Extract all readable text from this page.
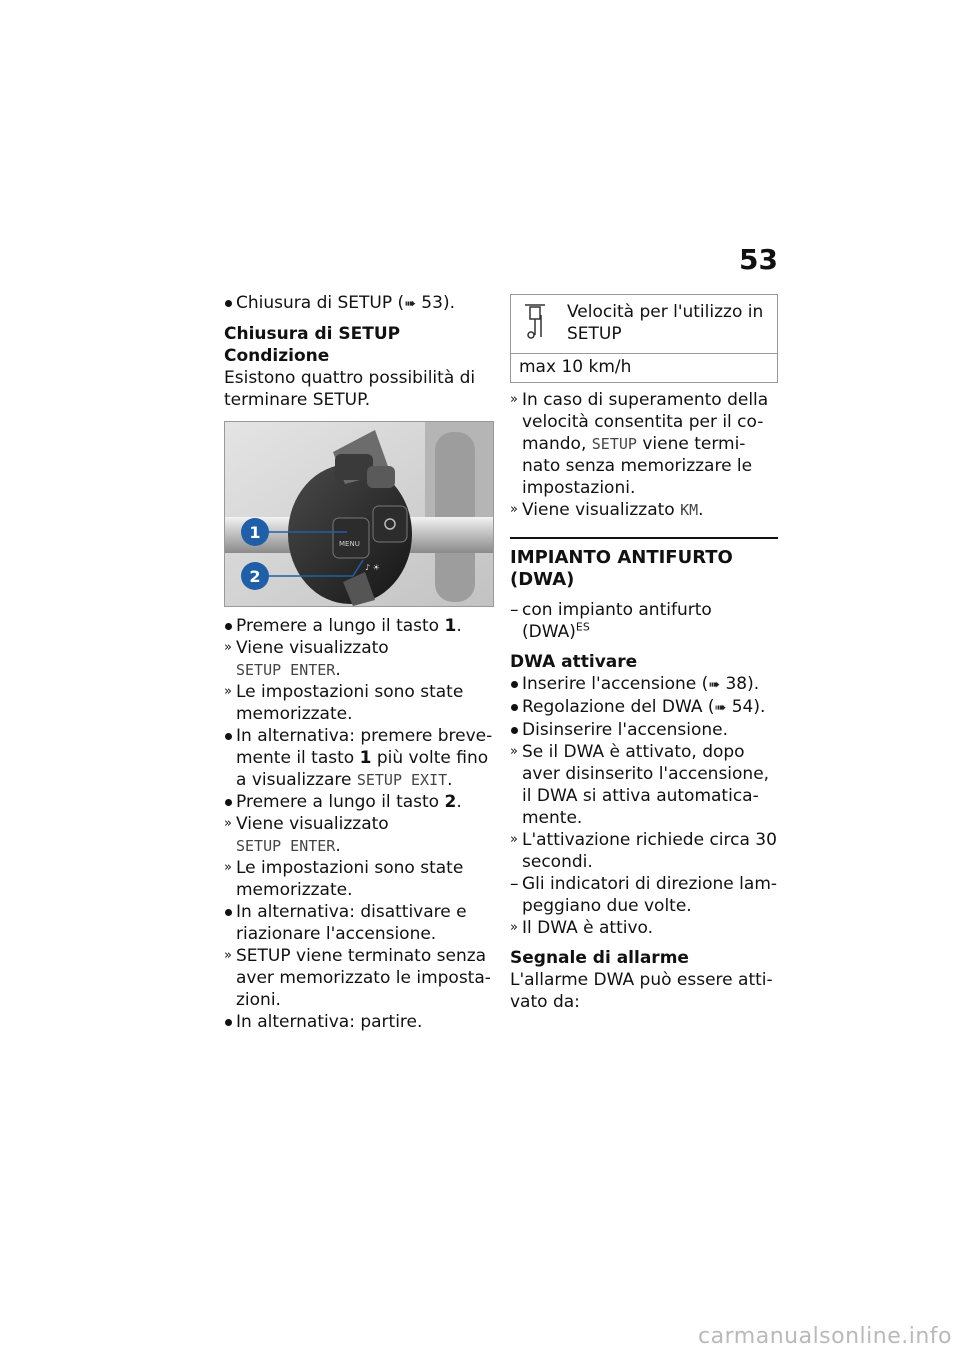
53

Chiusura di SETUP (➠ 53).

Chiusura di SETUP

Condizione

Esistono quattro possibilità di

terminare SETUP.

MENU
♪ ☀
1
2

Premere a lungo il tasto 1.

» Viene visualizzato
SETUP ENTER.

» Le impostazioni sono state
memorizzate.

In alternativa: premere breve-
mente il tasto 1 più volte fino
a visualizzare SETUP EXIT.

Premere a lungo il tasto 2.

» Viene visualizzato
SETUP ENTER.

» Le impostazioni sono state
memorizzate.

In alternativa: disattivare e
riazionare l'accensione.

» SETUP viene terminato senza
aver memorizzato le imposta-
zioni.

In alternativa: partire.

Velocità per l'utilizzo in
SETUP
max 10 km/h

» In caso di superamento della
velocità consentita per il co-
mando, SETUP viene termi-
nato senza memorizzare le
impostazioni.

» Viene visualizzato KM.

IMPIANTO ANTIFURTO
(DWA)

– con impianto antifurto
(DWA)$^{ES}$

DWA attivare

Inserire l'accensione (➠ 38).

Regolazione del DWA (➠ 54).

Disinserire l'accensione.

» Se il DWA è attivato, dopo
aver disinserito l'accensione,
il DWA si attiva automatica-
mente.

» L'attivazione richiede circa 30
secondi.

– Gli indicatori di direzione lam-
peggiano due volte.

» Il DWA è attivo.

Segnale di allarme

L'allarme DWA può essere atti-

vato da:

carmanualsonline.info
